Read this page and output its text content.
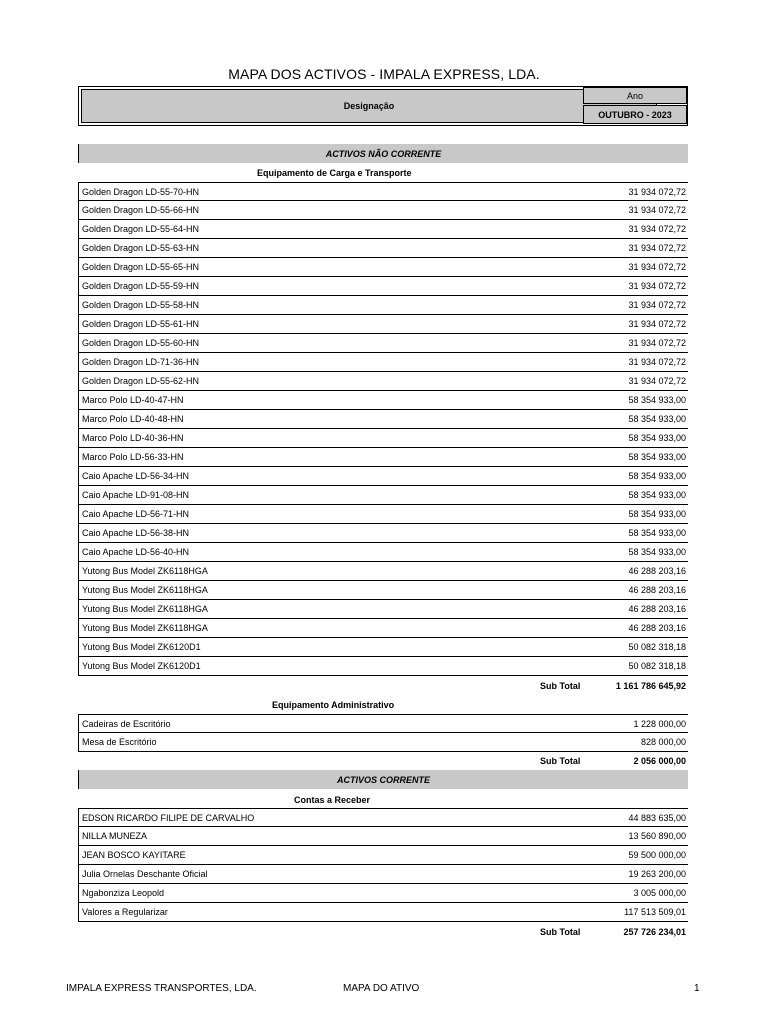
MAPA DOS ACTIVOS - IMPALA EXPRESS, LDA.
Designação
Ano
OUTUBRO - 2023
ACTIVOS NÃO CORRENTE
Equipamento de Carga e Transporte
Golden Dragon LD-55-70-HN	31 934 072,72
Golden Dragon LD-55-66-HN	31 934 072,72
Golden Dragon LD-55-64-HN	31 934 072,72
Golden Dragon LD-55-63-HN	31 934 072,72
Golden Dragon LD-55-65-HN	31 934 072,72
Golden Dragon LD-55-59-HN	31 934 072,72
Golden Dragon LD-55-58-HN	31 934 072,72
Golden Dragon LD-55-61-HN	31 934 072,72
Golden Dragon LD-55-60-HN	31 934 072,72
Golden Dragon LD-71-36-HN	31 934 072,72
Golden Dragon LD-55-62-HN	31 934 072,72
Marco Polo LD-40-47-HN	58 354 933,00
Marco Polo LD-40-48-HN	58 354 933,00
Marco Polo LD-40-36-HN	58 354 933,00
Marco Polo LD-56-33-HN	58 354 933,00
Caio Apache LD-56-34-HN	58 354 933,00
Caio Apache LD-91-08-HN	58 354 933,00
Caio Apache LD-56-71-HN	58 354 933,00
Caio Apache LD-56-38-HN	58 354 933,00
Caio Apache LD-56-40-HN	58 354 933,00
Yutong Bus Model ZK6118HGA	46 288 203,16
Yutong Bus Model ZK6118HGA	46 288 203,16
Yutong Bus Model ZK6118HGA	46 288 203,16
Yutong Bus Model ZK6118HGA	46 288 203,16
Yutong Bus Model ZK6120D1	50 082 318,18
Yutong Bus Model ZK6120D1	50 082 318,18
Sub Total	1 161 786 645,92
Equipamento Administrativo
Cadeiras de Escritório	1 228 000,00
Mesa de Escritório	828 000,00
Sub Total	2 056 000,00
ACTIVOS CORRENTE
Contas a Receber
EDSON RICARDO FILIPE DE CARVALHO	44 883 635,00
NILLA MUNEZA	13 560 890,00
JEAN BOSCO KAYITARE	59 500 000,00
Julia Ornelas Deschante Oficial	19 263 200,00
Ngabonziza Leopold	3 005 000,00
Valores a Regularizar	117 513 509,01
Sub Total	257 726 234,01
IMPALA EXPRESS TRANSPORTES, LDA.	MAPA DO ATIVO	1
